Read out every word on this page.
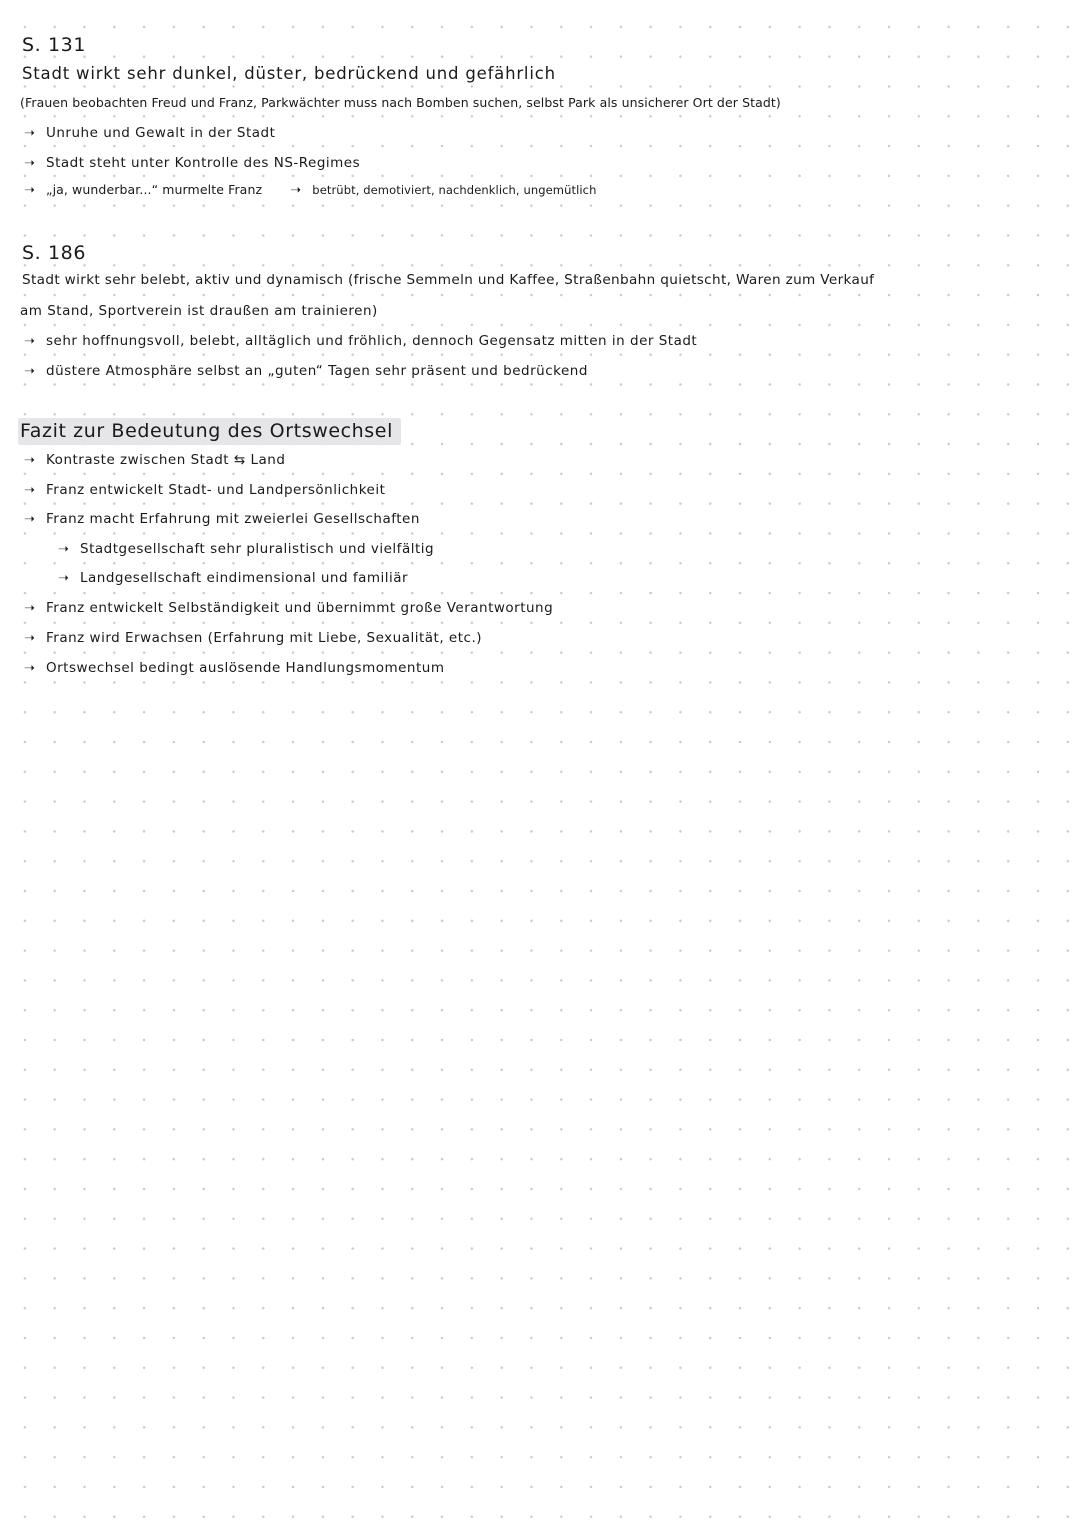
S. 131
Stadt wirkt sehr dunkel, düster, bedrückend und gefährlich
(Frauen beobachten Freud und Franz, Parkwächter muss nach Bomben suchen, selbst Park als unsicherer Ort der Stadt)
➝ Unruhe und Gewalt in der Stadt
➝ Stadt steht unter Kontrolle des NS-Regimes
➝ „ja, wunderbar...“ murmelte Franz ➝ betrübt, demotiviert, nachdenklich, ungemütlich
S. 186
Stadt wirkt sehr belebt, aktiv und dynamisch (frische Semmeln und Kaffee, Straßenbahn quietscht, Waren zum Verkauf
am Stand, Sportverein ist draußen am trainieren)
➝ sehr hoffnungsvoll, belebt, alltäglich und fröhlich, dennoch Gegensatz mitten in der Stadt
➝ düstere Atmosphäre selbst an „guten“ Tagen sehr präsent und bedrückend
Fazit zur Bedeutung des Ortswechsel
➝ Kontraste zwischen Stadt ⇆ Land
➝ Franz entwickelt Stadt- und Landpersönlichkeit
➝ Franz macht Erfahrung mit zweierlei Gesellschaften
➝ Stadtgesellschaft sehr pluralistisch und vielfältig
➝ Landgesellschaft eindimensional und familiär
➝ Franz entwickelt Selbständigkeit und übernimmt große Verantwortung
➝ Franz wird Erwachsen (Erfahrung mit Liebe, Sexualität, etc.)
➝ Ortswechsel bedingt auslösende Handlungsmomentum
